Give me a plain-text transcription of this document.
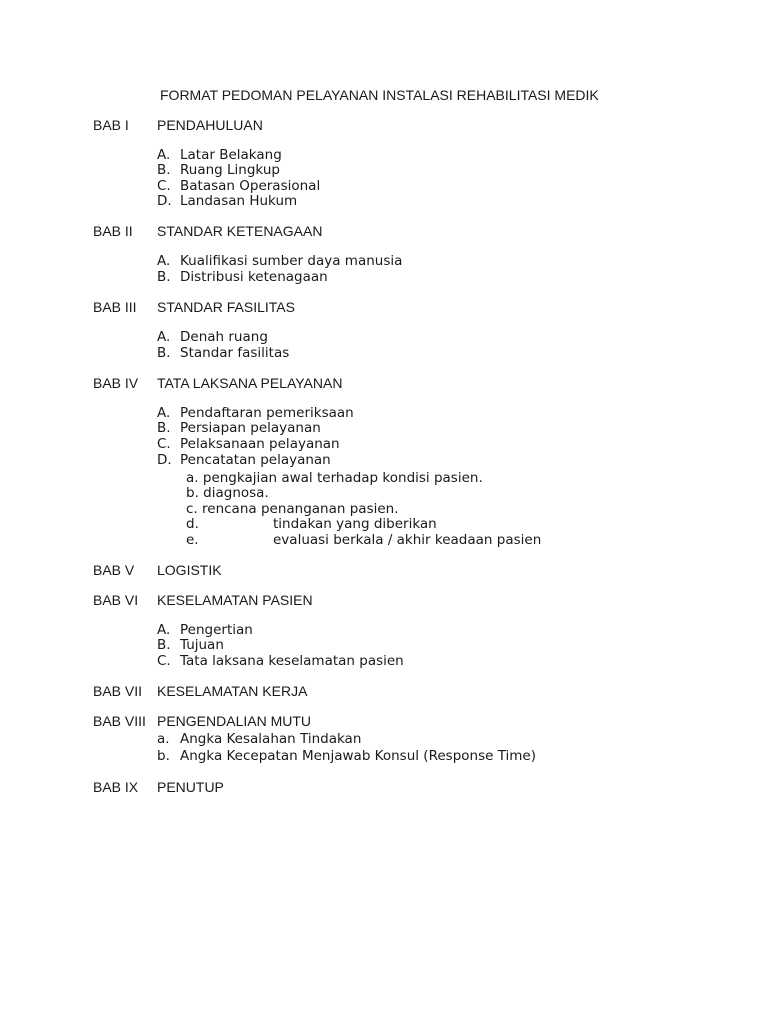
FORMAT PEDOMAN PELAYANAN INSTALASI REHABILITASI MEDIK
BAB I PENDAHULUAN
A. Latar Belakang
B. Ruang Lingkup
C. Batasan Operasional
D. Landasan Hukum
BAB II STANDAR KETENAGAAN
A. Kualifikasi sumber daya manusia
B. Distribusi ketenagaan
BAB III STANDAR FASILITAS
A. Denah ruang
B. Standar fasilitas
BAB IV TATA LAKSANA PELAYANAN
A. Pendaftaran pemeriksaan
B. Persiapan pelayanan
C. Pelaksanaan pelayanan
D. Pencatatan pelayanan
a. pengkajian awal terhadap kondisi pasien.
b. diagnosa.
c. rencana penanganan pasien.
d.	tindakan yang diberikan
e.	evaluasi berkala / akhir keadaan pasien
BAB V LOGISTIK
BAB VI KESELAMATAN PASIEN
A. Pengertian
B. Tujuan
C. Tata laksana keselamatan pasien
BAB VII KESELAMATAN KERJA
BAB VIII PENGENDALIAN MUTU
a. Angka Kesalahan Tindakan
b. Angka Kecepatan Menjawab Konsul (Response Time)
BAB IX PENUTUP
